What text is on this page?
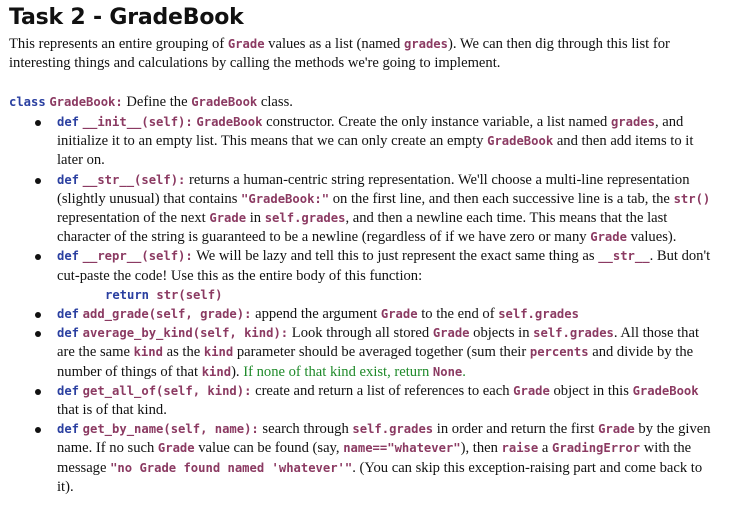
Task 2 - GradeBook

This represents an entire grouping of Grade values as a list (named grades). We can then dig through this list for interesting things and calculations by calling the methods we're going to implement.

class GradeBook: Define the GradeBook class.

def __init__(self): GradeBook constructor. Create the only instance variable, a list named grades, and initialize it to an empty list. This means that we can only create an empty GradeBook and then add items to it later on.
def __str__(self): returns a human-centric string representation. We'll choose a multi-line representation (slightly unusual) that contains "GradeBook:" on the first line, and then each successive line is a tab, the str() representation of the next Grade in self.grades, and then a newline each time. This means that the last character of the string is guaranteed to be a newline (regardless of if we have zero or many Grade values).
def __repr__(self): We will be lazy and tell this to just represent the exact same thing as __str__. But don't cut-paste the code! Use this as the entire body of this function:
return str(self)
def add_grade(self, grade): append the argument Grade to the end of self.grades
def average_by_kind(self, kind): Look through all stored Grade objects in self.grades. All those that are the same kind as the kind parameter should be averaged together (sum their percents and divide by the number of things of that kind). If none of that kind exist, return None.
def get_all_of(self, kind): create and return a list of references to each Grade object in this GradeBook that is of that kind.
def get_by_name(self, name): search through self.grades in order and return the first Grade by the given name. If no such Grade value can be found (say, name=="whatever"), then raise a GradingError with the message "no Grade found named 'whatever'". (You can skip this exception-raising part and come back to it).
